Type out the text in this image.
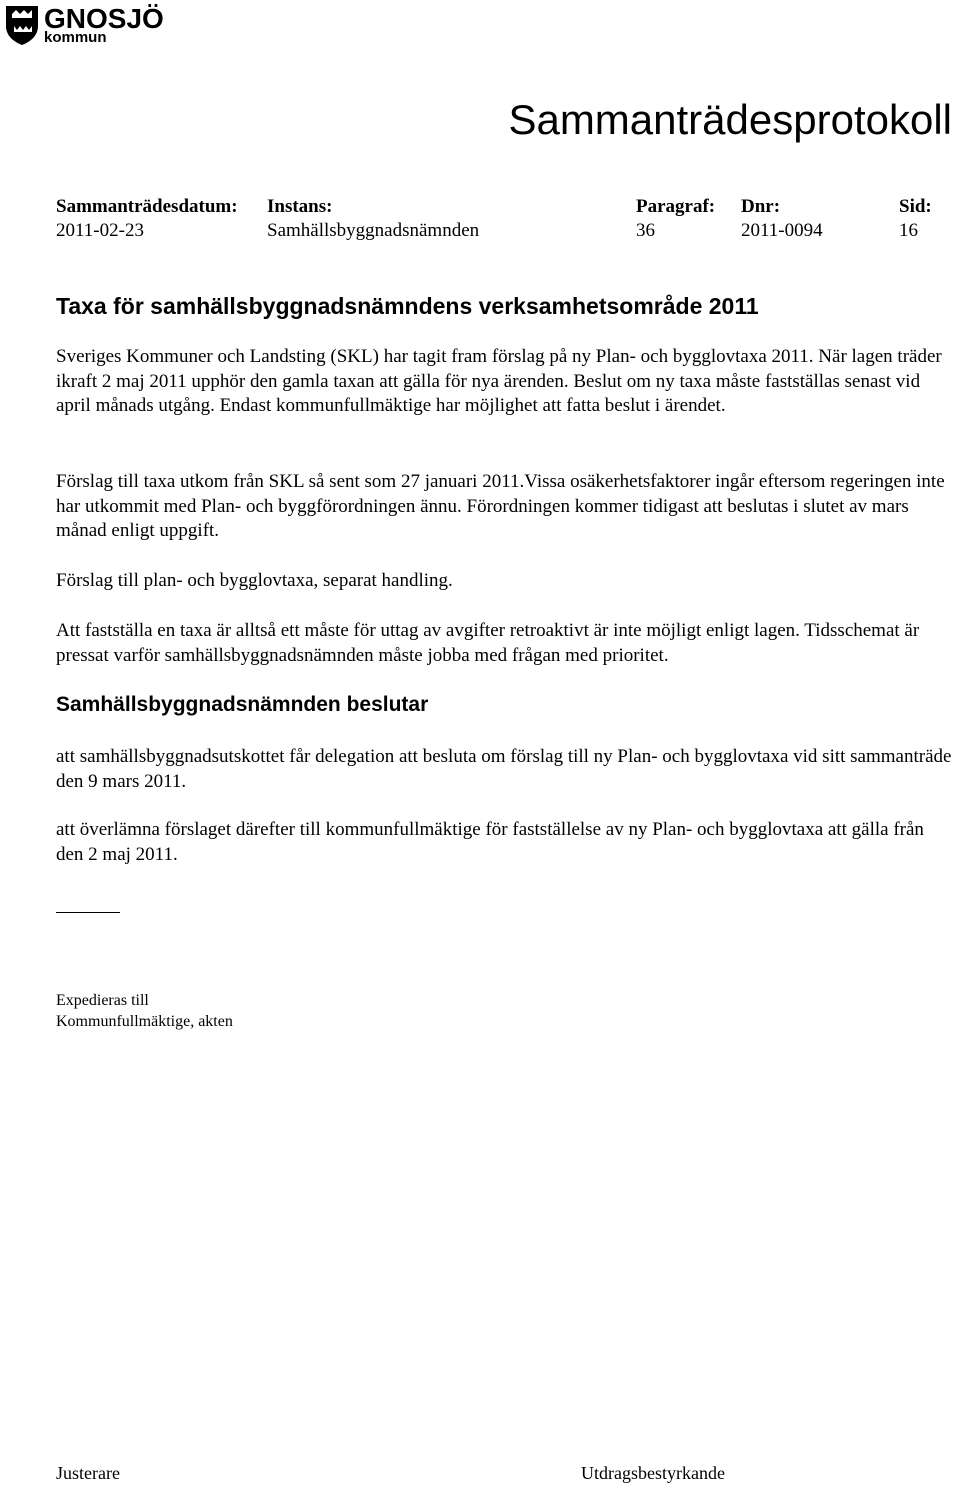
GNOSJÖ
kommun
Sammanträdesprotokoll
Sammanträdesdatum:
2011-02-23
Instans:
Samhällsbyggnadsnämnden
Paragraf:
36
Dnr:
2011-0094
Sid:
16
Taxa för samhällsbyggnadsnämndens verksamhetsområde 2011

Sveriges Kommuner och Landsting (SKL) har tagit fram förslag på ny Plan- och bygglovtaxa 2011. När lagen träder ikraft 2 maj 2011 upphör den gamla taxan att gälla för nya ärenden. Beslut om ny taxa måste fastställas senast vid april månads utgång. Endast kommunfullmäktige har möjlighet att fatta beslut i ärendet.

Förslag till taxa utkom från SKL så sent som 27 januari 2011.Vissa osäkerhetsfaktorer ingår eftersom regeringen inte har utkommit med Plan- och byggförordningen ännu. Förordningen kommer tidigast att beslutas i slutet av mars månad enligt uppgift.

Förslag till plan- och bygglovtaxa, separat handling.

Att fastställa en taxa är alltså ett måste för uttag av avgifter retroaktivt är inte möjligt enligt lagen. Tidsschemat är pressat varför samhällsbyggnadsnämnden måste jobba med frågan med prioritet.

Samhällsbyggnadsnämnden beslutar

att samhällsbyggnadsutskottet får delegation att besluta om förslag till ny Plan- och bygglovtaxa vid sitt sammanträde den 9 mars 2011.

att överlämna förslaget därefter till kommunfullmäktige för fastställelse av ny Plan- och bygglovtaxa att gälla från den 2 maj 2011.

Expedieras till

Kommunfullmäktige, akten

Justerare	Utdragsbestyrkande
